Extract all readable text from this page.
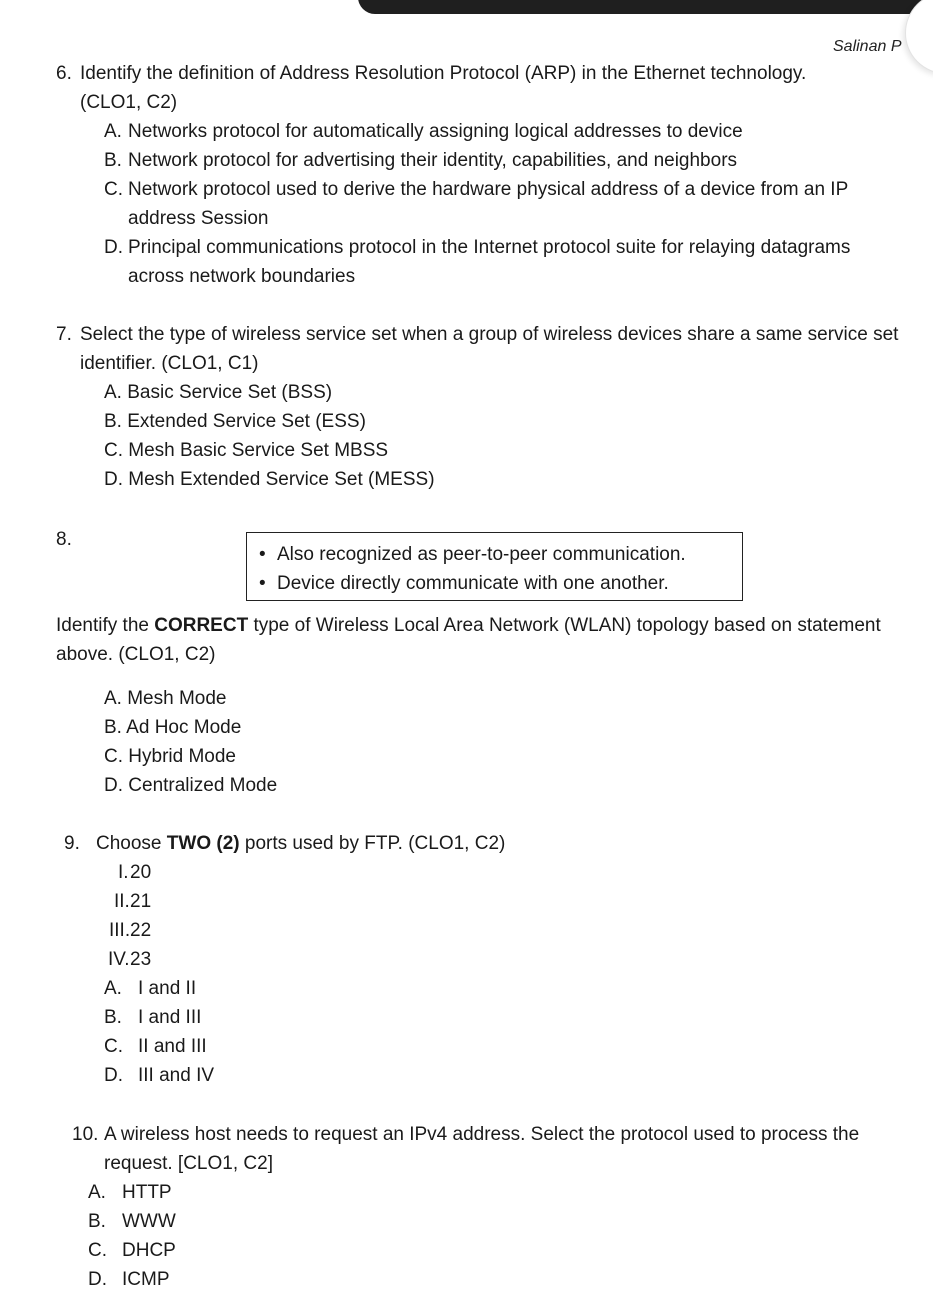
Salinan P
6. Identify the definition of Address Resolution Protocol (ARP) in the Ethernet technology.
(CLO1, C2)
A. Networks protocol for automatically assigning logical addresses to device
B. Network protocol for advertising their identity, capabilities, and neighbors
C. Network protocol used to derive the hardware physical address of a device from an IP
address Session
D. Principal communications protocol in the Internet protocol suite for relaying datagrams
across network boundaries
7. Select the type of wireless service set when a group of wireless devices share a same service set
identifier. (CLO1, C1)
A. Basic Service Set (BSS)
B. Extended Service Set (ESS)
C. Mesh Basic Service Set MBSS
D. Mesh Extended Service Set (MESS)
8.
• Also recognized as peer-to-peer communication.
• Device directly communicate with one another.
Identify the CORRECT type of Wireless Local Area Network (WLAN) topology based on statement
above. (CLO1, C2)
A. Mesh Mode
B. Ad Hoc Mode
C. Hybrid Mode
D. Centralized Mode
9. Choose TWO (2) ports used by FTP. (CLO1, C2)
I. 20
II. 21
III. 22
IV. 23
A. I and II
B. I and III
C. II and III
D. III and IV
10. A wireless host needs to request an IPv4 address. Select the protocol used to process the
request. [CLO1, C2]
A. HTTP
B. WWW
C. DHCP
D. ICMP
